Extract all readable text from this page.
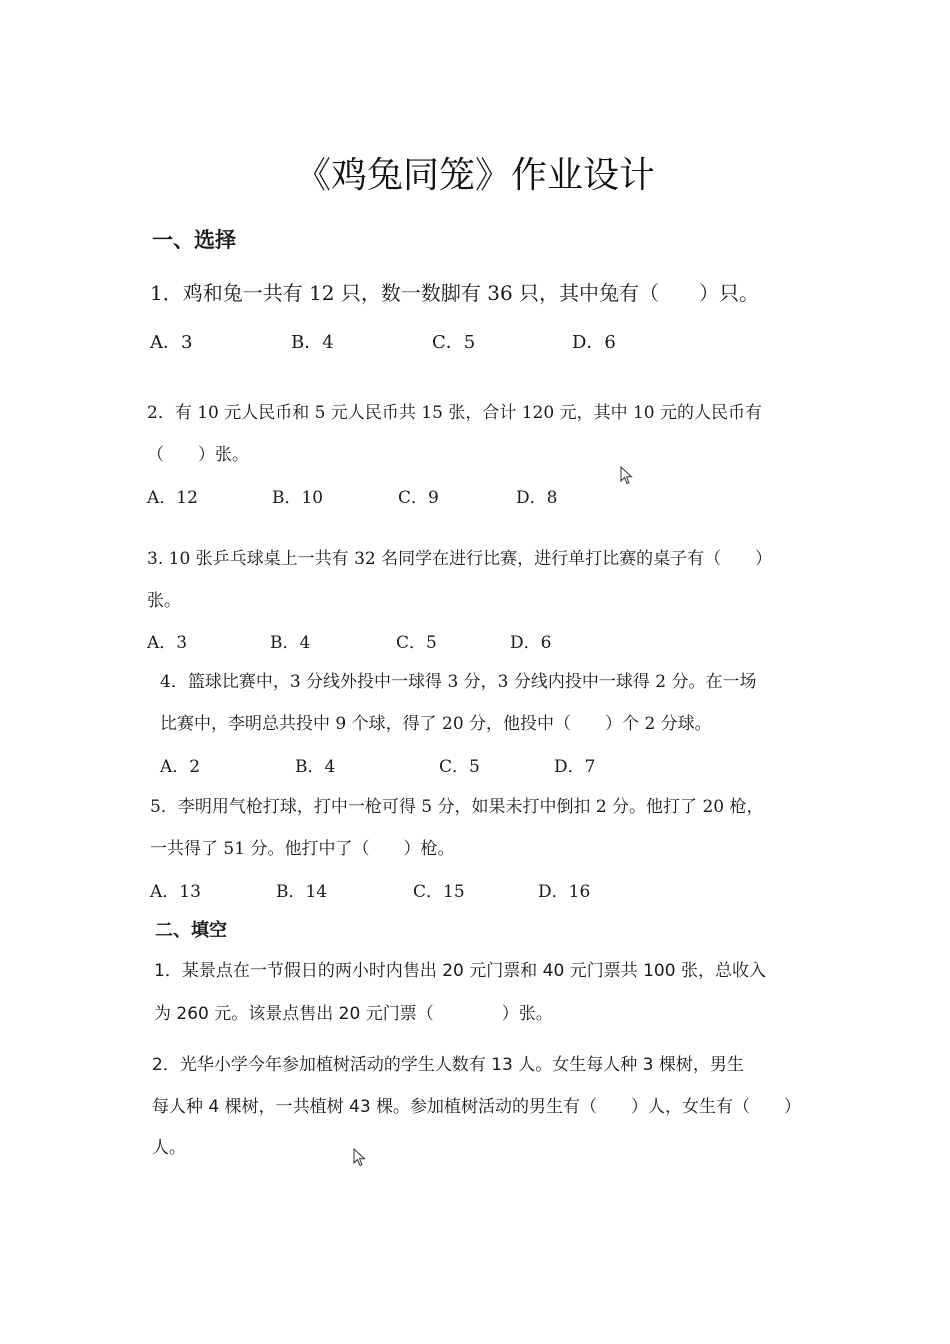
《鸡兔同笼》作业设计
一、选择
1．鸡和兔一共有 12 只，数一数脚有 36 只，其中兔有（　　）只。
A．3	B．4	C．5	D．6
2．有 10 元人民币和 5 元人民币共 15 张，合计 120 元，其中 10 元的人民币有
（　　）张。
A．12	B．10	C．9	D．8
3. 10 张乒乓球桌上一共有 32 名同学在进行比赛，进行单打比赛的桌子有（　　）
张。
A．3	B．4	C．5	D．6
4．篮球比赛中，3 分线外投中一球得 3 分，3 分线内投中一球得 2 分。在一场
比赛中，李明总共投中 9 个球，得了 20 分，他投中（　　）个 2 分球。
A．2	B．4	C．5	D．7
5．李明用气枪打球，打中一枪可得 5 分，如果未打中倒扣 2 分。他打了 20 枪，
一共得了 51 分。他打中了（　　）枪。
A．13	B．14	C．15	D．16
二、填空
1．某景点在一节假日的两小时内售出 20 元门票和 40 元门票共 100 张，总收入
为 260 元。该景点售出 20 元门票（　　　　）张。
2．光华小学今年参加植树活动的学生人数有 13 人。女生每人种 3 棵树，男生
每人种 4 棵树，一共植树 43 棵。参加植树活动的男生有（　　）人，女生有（　　）
人。
